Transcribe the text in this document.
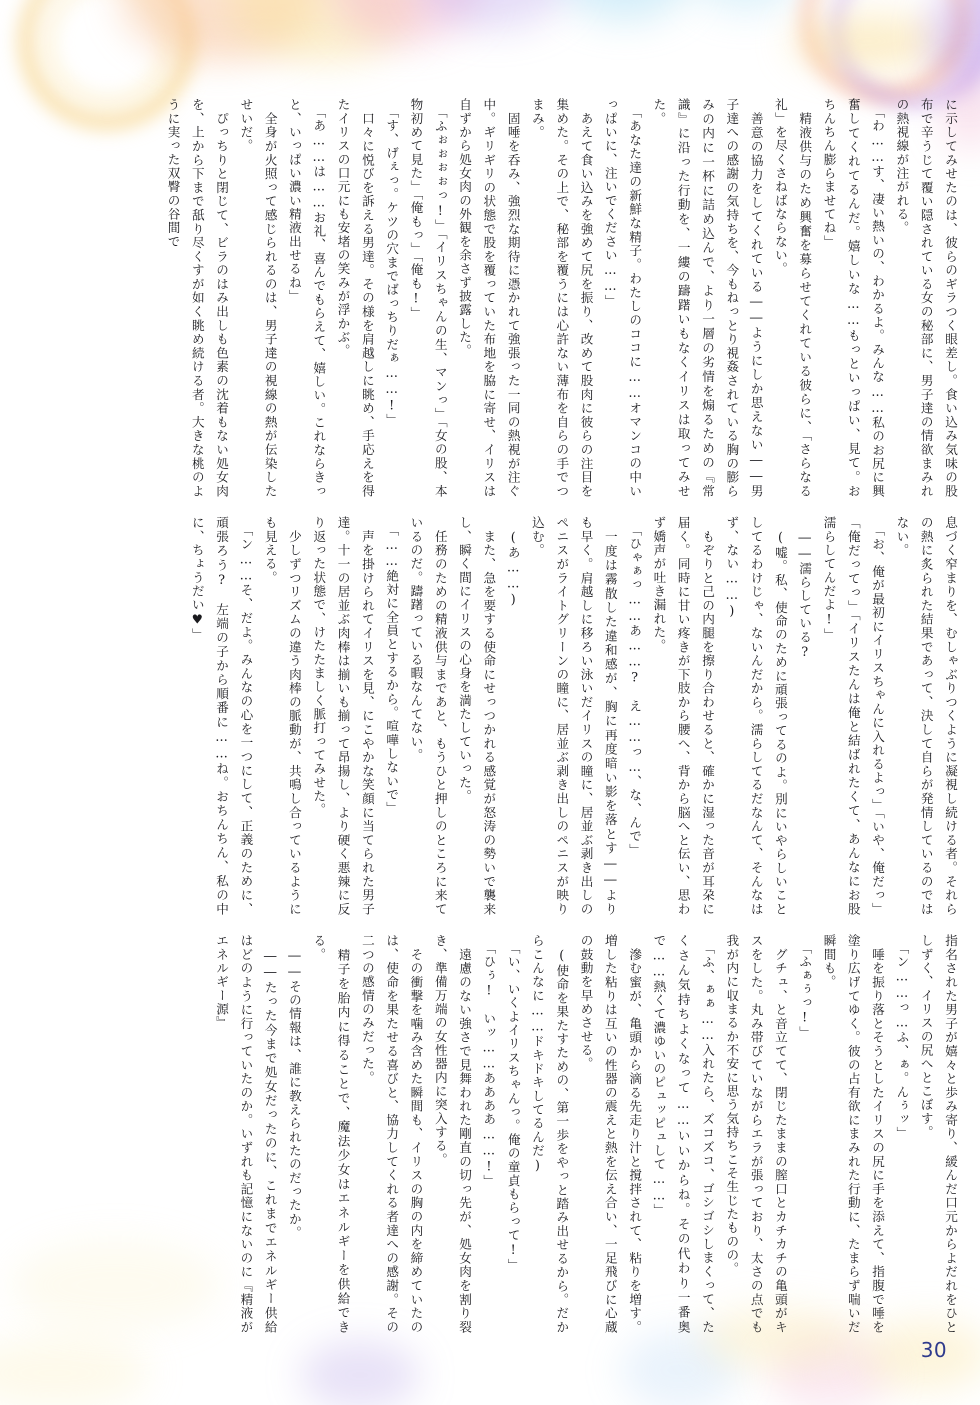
に示してみせたのは、彼らのギラつく眼差し。食い込み気味の股布で辛うじて覆い隠されている女の秘部に、男子達の情欲まみれの熱視線が注がれる。
　「わ……す、凄い熱いの、わかるよ。みんな……私のお尻に興奮してくれてるんだ。嬉しいな……もっといっぱい、見て。おちんちん膨らませてね」
　精液供与のため興奮を募らせてくれている彼らに、「さらなる礼」を尽くさねばならない。
　善意の協力をしてくれている――ようにしか思えない――男子達への感謝の気持ちを、今もねっとり視姦されている胸の膨らみの内に一杯に詰め込んで、より一層の劣情を煽るための『常識』に沿った行動を、一縷の躊躇いもなくイリスは取ってみせた。
　「あなた達の新鮮な精子。わたしのココに……オマンコの中いっぱいに、注いでください……」
　あえて食い込みを強めて尻を振り、改めて股肉に彼らの注目を集めた。その上で、秘部を覆うには心許ない薄布を自らの手でつまみ。
　固唾を呑み、強烈な期待に憑かれて強張った一同の熱視が注ぐ中。ギリギリの状態で股を覆っていた布地を脇に寄せ、イリスは自ずから処女肉の外観を余さず披露した。
　「ふぉぉぉぉっ!」「イリスちゃんの生、マンっ」「女の股、本物初めて見た」「俺もっ」「俺も!」
　「す、げぇっ。ケツの穴までばっちりだぁ……!」
　口々に悦びを訴える男達。その様を肩越しに眺め、手応えを得たイリスの口元にも安堵の笑みが浮かぶ。
　「あ……は……お礼、喜んでもらえて、嬉しい。これならきっと、いっぱい濃い精液出せるね」
　全身が火照って感じられるのは、男子達の視線の熱が伝染したせいだ。
　ぴっちりと閉じて、ビラのはみ出しも色素の沈着もない処女肉を、上から下まで舐り尽くすが如く眺め続ける者。大きな桃のように実った双臀の谷間で
息づく窄まりを、むしゃぶりつくように凝視し続ける者。それらの熱に炙られた結果であって、決して自らが発情しているのではない。
　「お、俺が最初にイリスちゃんに入れるよっ」「いや、俺だっ」「俺だってっ」「イリスたんは俺と結ばれたくて、あんなにお股濡らしてんだよ!」
　――濡らしている?
　(嘘。私、使命のために頑張ってるのよ。別にいやらしいことしてるわけじゃ、ないんだから。濡らしてるだなんて、そんなはず、ない……)
　もぞりと己の内腿を擦り合わせると、確かに湿った音が耳朶に届く。同時に甘い疼きが下肢から腰へ、背から脳へと伝い、思わず嬌声が吐き漏れた。
　「ひゃぁっ……あ……?　え……っ…、な、んで」
　一度は霧散した違和感が、胸に再度暗い影を落とす――よりも早く。肩越しに移ろい泳いだイリスの瞳に、居並ぶ剥き出しのペニスがライトグリーンの瞳に、居並ぶ剥き出しのペニスが映り込む。
　(あ……)
　また、急を要する使命にせっつかれる感覚が怒涛の勢いで襲来し、瞬く間にイリスの心身を満たしていった。
　任務のための精液供与まであと、もうひと押しのところに来ているのだ。躊躇っている暇なんてない。
　「……絶対に全員とするから。喧嘩しないで」
　声を掛けられてイリスを見、にこやかな笑顔に当てられた男子達。十一の居並ぶ肉棒は揃いも揃って昂揚し、より硬く悪辣に反り返った状態で、けたたましく脈打ってみせた。
　少しずつリズムの違う肉棒の脈動が、共鳴し合っているようにも見える。
　「ン……そ、だよ。みんなの心を一つにして、正義のために、頑張ろう?　左端の子から順番に……ね。おちんちん、私の中に、ちょうだい♥」
指名された男子が嬉々と歩み寄り、緩んだ口元からよだれをひとしずく、イリスの尻へとこぼす。
　「ン……っ…ふ、ぁ。んぅッ」
　唾を振り落とそうとしたイリスの尻に手を添えて、指腹で唾を塗り広げてゆく。彼の占有欲にまみれた行動に、たまらず喘いだ瞬間も。
　「ふぁぅっ!」
　グチュ、と音立てて、閉じたままの膣口とカチカチの亀頭がキスをした。丸み帯びていながらエラが張っており、太さの点でも我が内に収まるか不安に思う気持ちこそ生じたものの。
　「ふ、ぁぁ……入れたら、ズコズコ、ゴシゴシしまくって、たくさん気持ちよくなって……いいからね。その代わり一番奥で……熱くて濃ゆいのピュッピュして……」
　滲む蜜が、亀頭から滴る先走り汁と撹拌されて、粘りを増す。増した粘りは互いの性器の震えと熱を伝え合い、一足飛びに心蔵の鼓動を早めさせる。
　(使命を果たすための、第一歩をやっと踏み出せるから。だからこんなに……ドキドキしてるんだ)
　「い、いくよイリスちゃんっ。俺の童貞もらって!」
　「ひぅ!　いッ……ああああ……!」
　遠慮のない強さで見舞われた剛直の切っ先が、処女肉を割り裂き、準備万端の女性器内に突入する。
　その衝撃を噛み含めた瞬間も、イリスの胸の内を締めていたのは、使命を果たせる喜びと、協力してくれる者達への感謝。その二つの感情のみだった。
　精子を胎内に得ることで、魔法少女はエネルギーを供給できる。
　――その情報は、誰に教えられたのだったか。
　――たった今まで処女だったのに、これまでエネルギー供給はどのように行っていたのか。いずれも記憶にないのに『精液がエネルギー源』
30
